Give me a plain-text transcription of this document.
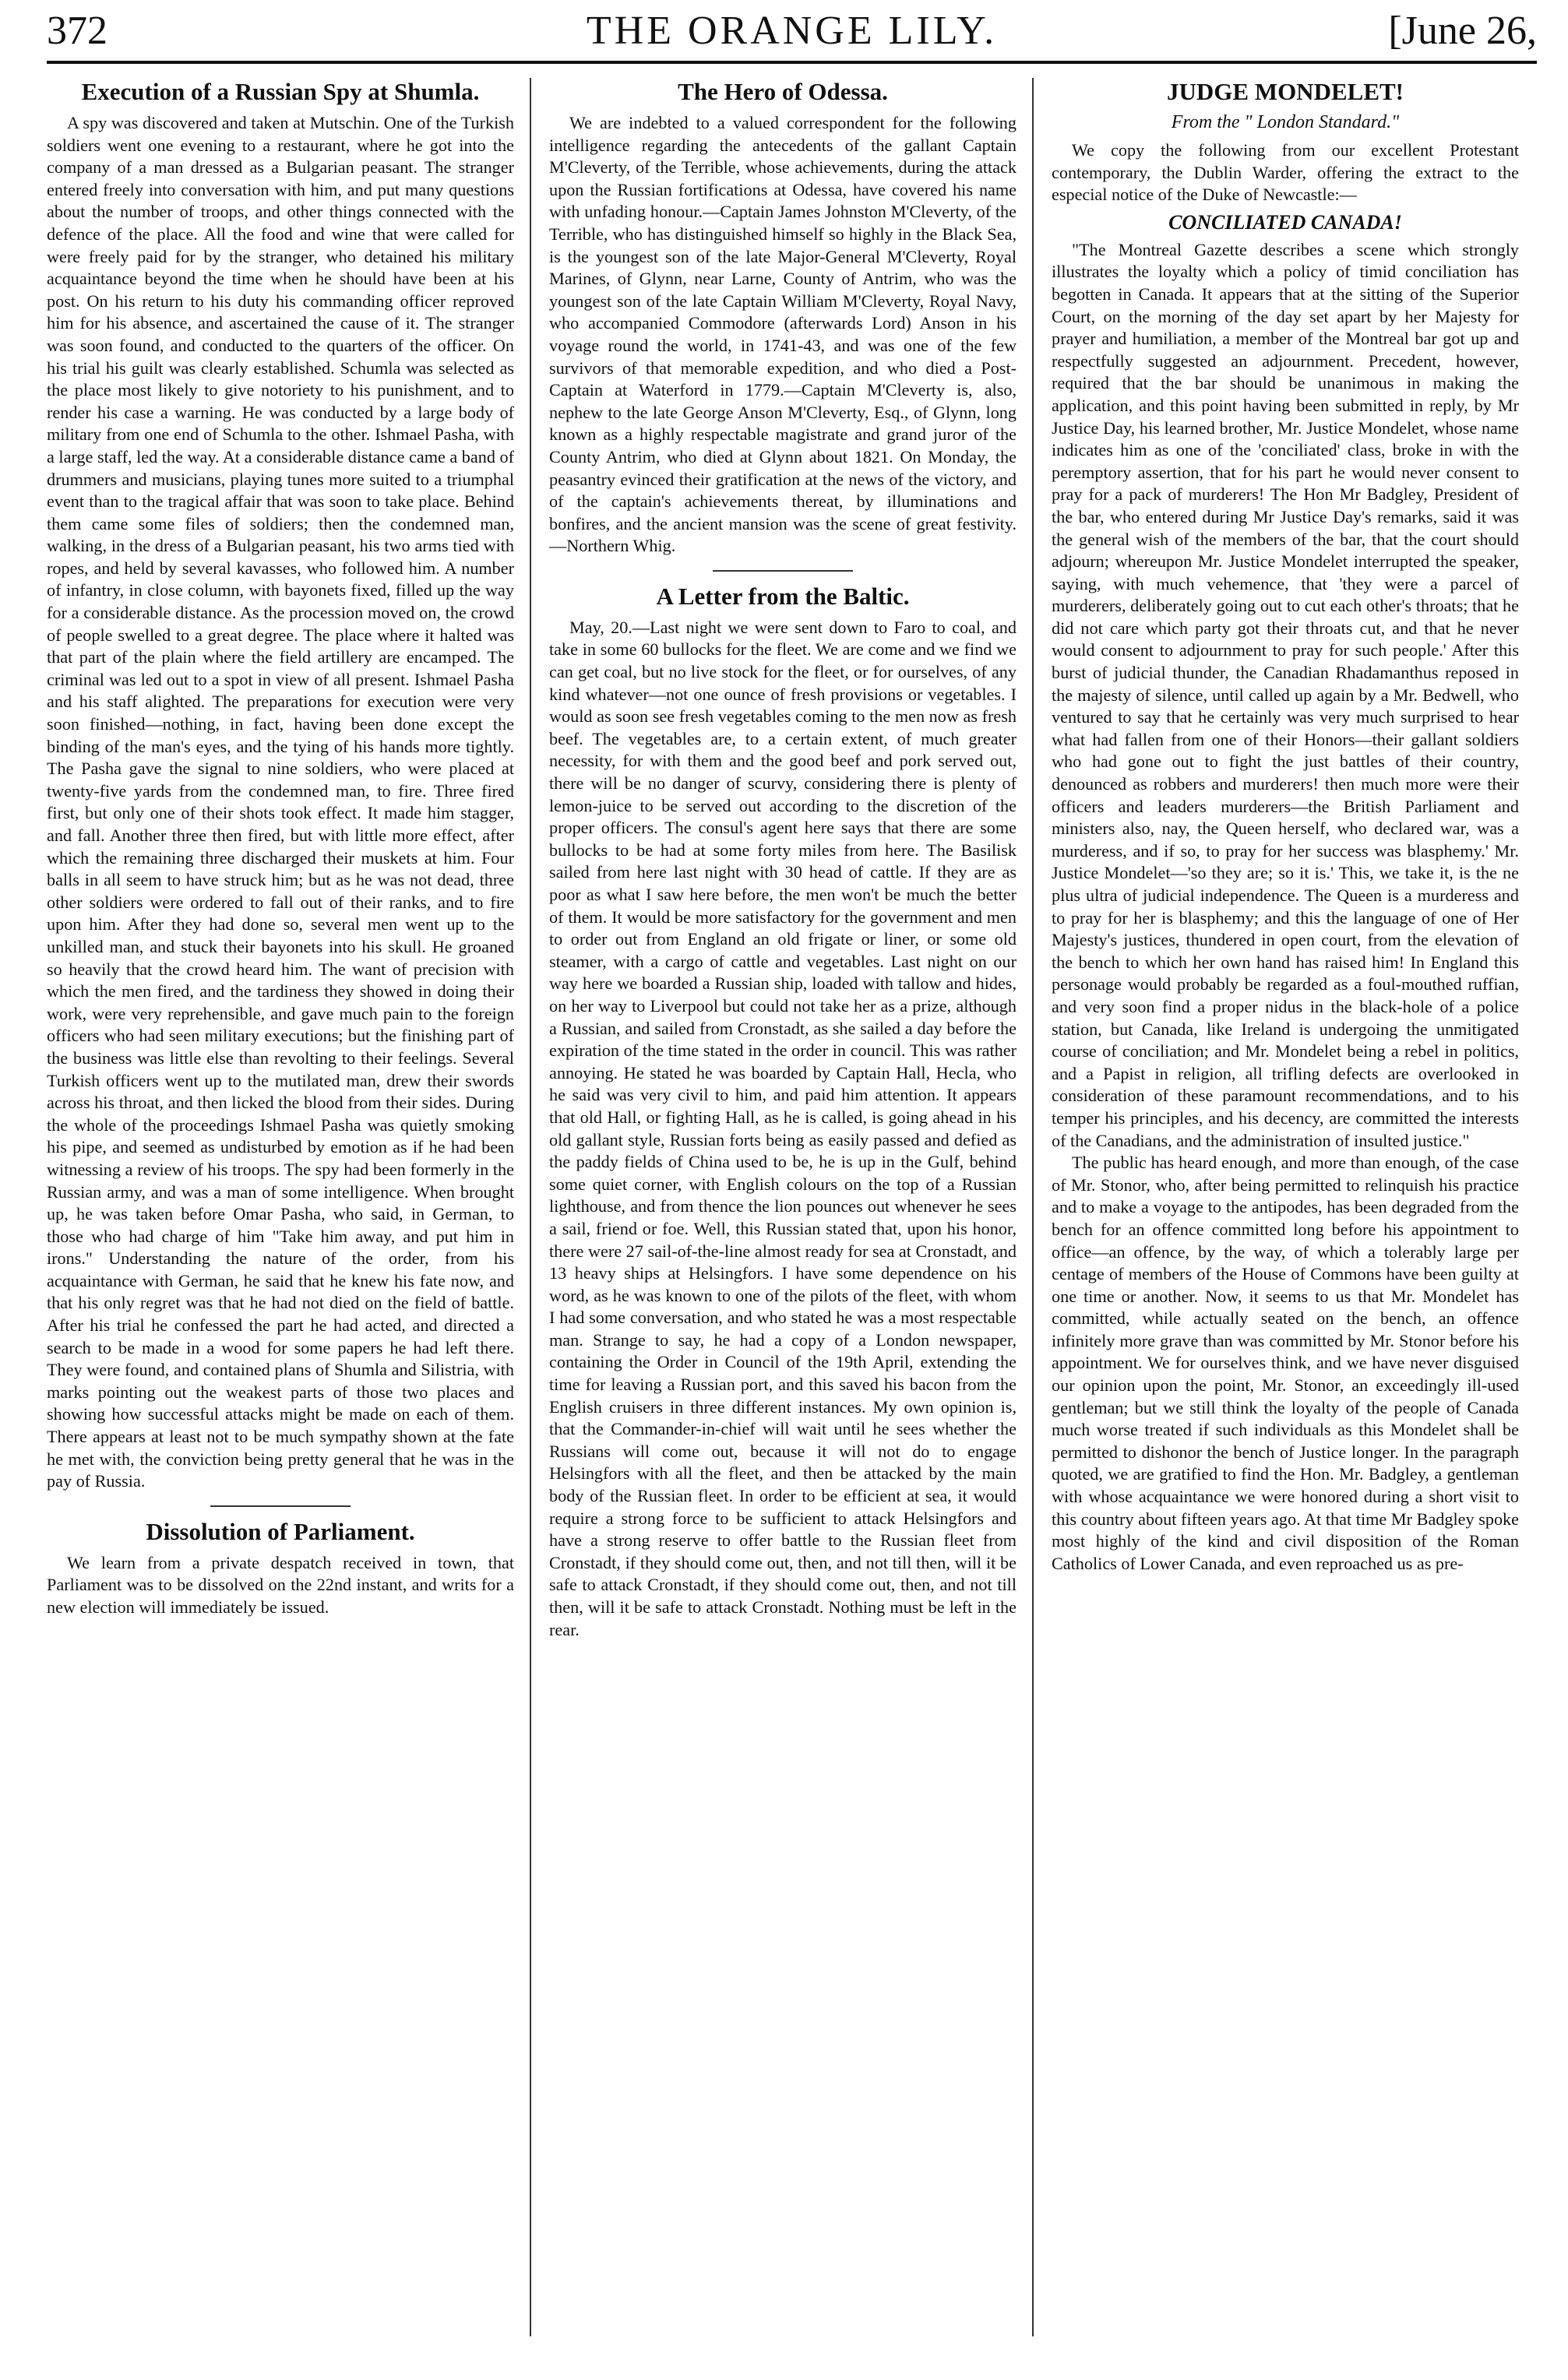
THE ORANGE LILY.
372	[June 26,
Execution of a Russian Spy at Shumla.

A spy was discovered and taken at Mutschin. One of the Turkish soldiers went one evening to a restaurant, where he got into the company of a man dressed as a Bulgarian peasant. The stranger entered freely into conversation with him, and put many questions about the number of troops, and other things connected with the defence of the place. All the food and wine that were called for were freely paid for by the stranger, who detained his military acquaintance beyond the time when he should have been at his post. On his return to his duty his commanding officer reproved him for his absence, and ascertained the cause of it. The stranger was soon found, and conducted to the quarters of the officer. On his trial his guilt was clearly established. Schumla was selected as the place most likely to give notoriety to his punishment, and to render his case a warning. He was conducted by a large body of military from one end of Schumla to the other. Ishmael Pasha, with a large staff, led the way. At a considerable distance came a band of drummers and musicians, playing tunes more suited to a triumphal event than to the tragical affair that was soon to take place. Behind them came some files of soldiers; then the condemned man, walking, in the dress of a Bulgarian peasant, his two arms tied with ropes, and held by several kavasses, who followed him. A number of infantry, in close column, with bayonets fixed, filled up the way for a considerable distance. As the procession moved on, the crowd of people swelled to a great degree. The place where it halted was that part of the plain where the field artillery are encamped. The criminal was led out to a spot in view of all present. Ishmael Pasha and his staff alighted. The preparations for execution were very soon finished—nothing, in fact, having been done except the binding of the man's eyes, and the tying of his hands more tightly. The Pasha gave the signal to nine soldiers, who were placed at twenty-five yards from the condemned man, to fire. Three fired first, but only one of their shots took effect. It made him stagger, and fall. Another three then fired, but with little more effect, after which the remaining three discharged their muskets at him. Four balls in all seem to have struck him; but as he was not dead, three other soldiers were ordered to fall out of their ranks, and to fire upon him. After they had done so, several men went up to the unkilled man, and stuck their bayonets into his skull. He groaned so heavily that the crowd heard him. The want of precision with which the men fired, and the tardiness they showed in doing their work, were very reprehensible, and gave much pain to the foreign officers who had seen military executions; but the finishing part of the business was little else than revolting to their feelings. Several Turkish officers went up to the mutilated man, drew their swords across his throat, and then licked the blood from their sides. During the whole of the proceedings Ishmael Pasha was quietly smoking his pipe, and seemed as undisturbed by emotion as if he had been witnessing a review of his troops. The spy had been formerly in the Russian army, and was a man of some intelligence. When brought up, he was taken before Omar Pasha, who said, in German, to those who had charge of him "Take him away, and put him in irons." Understanding the nature of the order, from his acquaintance with German, he said that he knew his fate now, and that his only regret was that he had not died on the field of battle. After his trial he confessed the part he had acted, and directed a search to be made in a wood for some papers he had left there. They were found, and contained plans of Shumla and Silistria, with marks pointing out the weakest parts of those two places and showing how successful attacks might be made on each of them. There appears at least not to be much sympathy shown at the fate he met with, the conviction being pretty general that he was in the pay of Russia.

Dissolution of Parliament.

We learn from a private despatch received in town, that Parliament was to be dissolved on the 22nd instant, and writs for a new election will immediately be issued.

The Hero of Odessa.

We are indebted to a valued correspondent for the following intelligence regarding the antecedents of the gallant Captain M'Cleverty, of the Terrible, whose achievements, during the attack upon the Russian fortifications at Odessa, have covered his name with unfading honour.—Captain James Johnston M'Cleverty, of the Terrible, who has distinguished himself so highly in the Black Sea, is the youngest son of the late Major-General M'Cleverty, Royal Marines, of Glynn, near Larne, County of Antrim, who was the youngest son of the late Captain William M'Cleverty, Royal Navy, who accompanied Commodore (afterwards Lord) Anson in his voyage round the world, in 1741-43, and was one of the few survivors of that memorable expedition, and who died a Post-Captain at Waterford in 1779.—Captain M'Cleverty is, also, nephew to the late George Anson M'Cleverty, Esq., of Glynn, long known as a highly respectable magistrate and grand juror of the County Antrim, who died at Glynn about 1821. On Monday, the peasantry evinced their gratification at the news of the victory, and of the captain's achievements thereat, by illuminations and bonfires, and the ancient mansion was the scene of great festivity.—Northern Whig.

A Letter from the Baltic.

May, 20.—Last night we were sent down to Faro to coal, and take in some 60 bullocks for the fleet. We are come and we find we can get coal, but no live stock for the fleet, or for ourselves, of any kind whatever—not one ounce of fresh provisions or vegetables. I would as soon see fresh vegetables coming to the men now as fresh beef. The vegetables are, to a certain extent, of much greater necessity, for with them and the good beef and pork served out, there will be no danger of scurvy, considering there is plenty of lemon-juice to be served out according to the discretion of the proper officers. The consul's agent here says that there are some bullocks to be had at some forty miles from here. The Basilisk sailed from here last night with 30 head of cattle. If they are as poor as what I saw here before, the men won't be much the better of them. It would be more satisfactory for the government and men to order out from England an old frigate or liner, or some old steamer, with a cargo of cattle and vegetables. Last night on our way here we boarded a Russian ship, loaded with tallow and hides, on her way to Liverpool but could not take her as a prize, although a Russian, and sailed from Cronstadt, as she sailed a day before the expiration of the time stated in the order in council. This was rather annoying. He stated he was boarded by Captain Hall, Hecla, who he said was very civil to him, and paid him attention. It appears that old Hall, or fighting Hall, as he is called, is going ahead in his old gallant style, Russian forts being as easily passed and defied as the paddy fields of China used to be, he is up in the Gulf, behind some quiet corner, with English colours on the top of a Russian lighthouse, and from thence the lion pounces out whenever he sees a sail, friend or foe. Well, this Russian stated that, upon his honor, there were 27 sail-of-the-line almost ready for sea at Cronstadt, and 13 heavy ships at Helsingfors. I have some dependence on his word, as he was known to one of the pilots of the fleet, with whom I had some conversation, and who stated he was a most respectable man. Strange to say, he had a copy of a London newspaper, containing the Order in Council of the 19th April, extending the time for leaving a Russian port, and this saved his bacon from the English cruisers in three different instances. My own opinion is, that the Commander-in-chief will wait until he sees whether the Russians will come out, because it will not do to engage Helsingfors with all the fleet, and then be attacked by the main body of the Russian fleet. In order to be efficient at sea, it would require a strong force to be sufficient to attack Helsingfors and have a strong reserve to offer battle to the Russian fleet from Cronstadt, if they should come out, then, and not till then, will it be safe to attack Cronstadt, if they should come out, then, and not till then, will it be safe to attack Cronstadt. Nothing must be left in the rear.

JUDGE MONDELET!
From the " London Standard."

We copy the following from our excellent Protestant contemporary, the Dublin Warder, offering the extract to the especial notice of the Duke of Newcastle:—

CONCILIATED CANADA!

"The Montreal Gazette describes a scene which strongly illustrates the loyalty which a policy of timid conciliation has begotten in Canada. It appears that at the sitting of the Superior Court, on the morning of the day set apart by her Majesty for prayer and humiliation, a member of the Montreal bar got up and respectfully suggested an adjournment. Precedent, however, required that the bar should be unanimous in making the application, and this point having been submitted in reply, by Mr Justice Day, his learned brother, Mr. Justice Mondelet, whose name indicates him as one of the 'conciliated' class, broke in with the peremptory assertion, that for his part he would never consent to pray for a pack of murderers! The Hon Mr Badgley, President of the bar, who entered during Mr Justice Day's remarks, said it was the general wish of the members of the bar, that the court should adjourn; whereupon Mr. Justice Mondelet interrupted the speaker, saying, with much vehemence, that 'they were a parcel of murderers, deliberately going out to cut each other's throats; that he did not care which party got their throats cut, and that he never would consent to adjournment to pray for such people.' After this burst of judicial thunder, the Canadian Rhadamanthus reposed in the majesty of silence, until called up again by a Mr. Bedwell, who ventured to say that he certainly was very much surprised to hear what had fallen from one of their Honors—their gallant soldiers who had gone out to fight the just battles of their country, denounced as robbers and murderers! then much more were their officers and leaders murderers—the British Parliament and ministers also, nay, the Queen herself, who declared war, was a murderess, and if so, to pray for her success was blasphemy.' Mr. Justice Mondelet—'so they are; so it is.' This, we take it, is the ne plus ultra of judicial independence. The Queen is a murderess and to pray for her is blasphemy; and this the language of one of Her Majesty's justices, thundered in open court, from the elevation of the bench to which her own hand has raised him! In England this personage would probably be regarded as a foul-mouthed ruffian, and very soon find a proper nidus in the black-hole of a police station, but Canada, like Ireland is undergoing the unmitigated course of conciliation; and Mr. Mondelet being a rebel in politics, and a Papist in religion, all trifling defects are overlooked in consideration of these paramount recommendations, and to his temper his principles, and his decency, are committed the interests of the Canadians, and the administration of insulted justice."

The public has heard enough, and more than enough, of the case of Mr. Stonor, who, after being permitted to relinquish his practice and to make a voyage to the antipodes, has been degraded from the bench for an offence committed long before his appointment to office—an offence, by the way, of which a tolerably large per centage of members of the House of Commons have been guilty at one time or another. Now, it seems to us that Mr. Mondelet has committed, while actually seated on the bench, an offence infinitely more grave than was committed by Mr. Stonor before his appointment. We for ourselves think, and we have never disguised our opinion upon the point, Mr. Stonor, an exceedingly ill-used gentleman; but we still think the loyalty of the people of Canada much worse treated if such individuals as this Mondelet shall be permitted to dishonor the bench of Justice longer. In the paragraph quoted, we are gratified to find the Hon. Mr. Badgley, a gentleman with whose acquaintance we were honored during a short visit to this country about fifteen years ago. At that time Mr Badgley spoke most highly of the kind and civil disposition of the Roman Catholics of Lower Canada, and even reproached us as pre-
